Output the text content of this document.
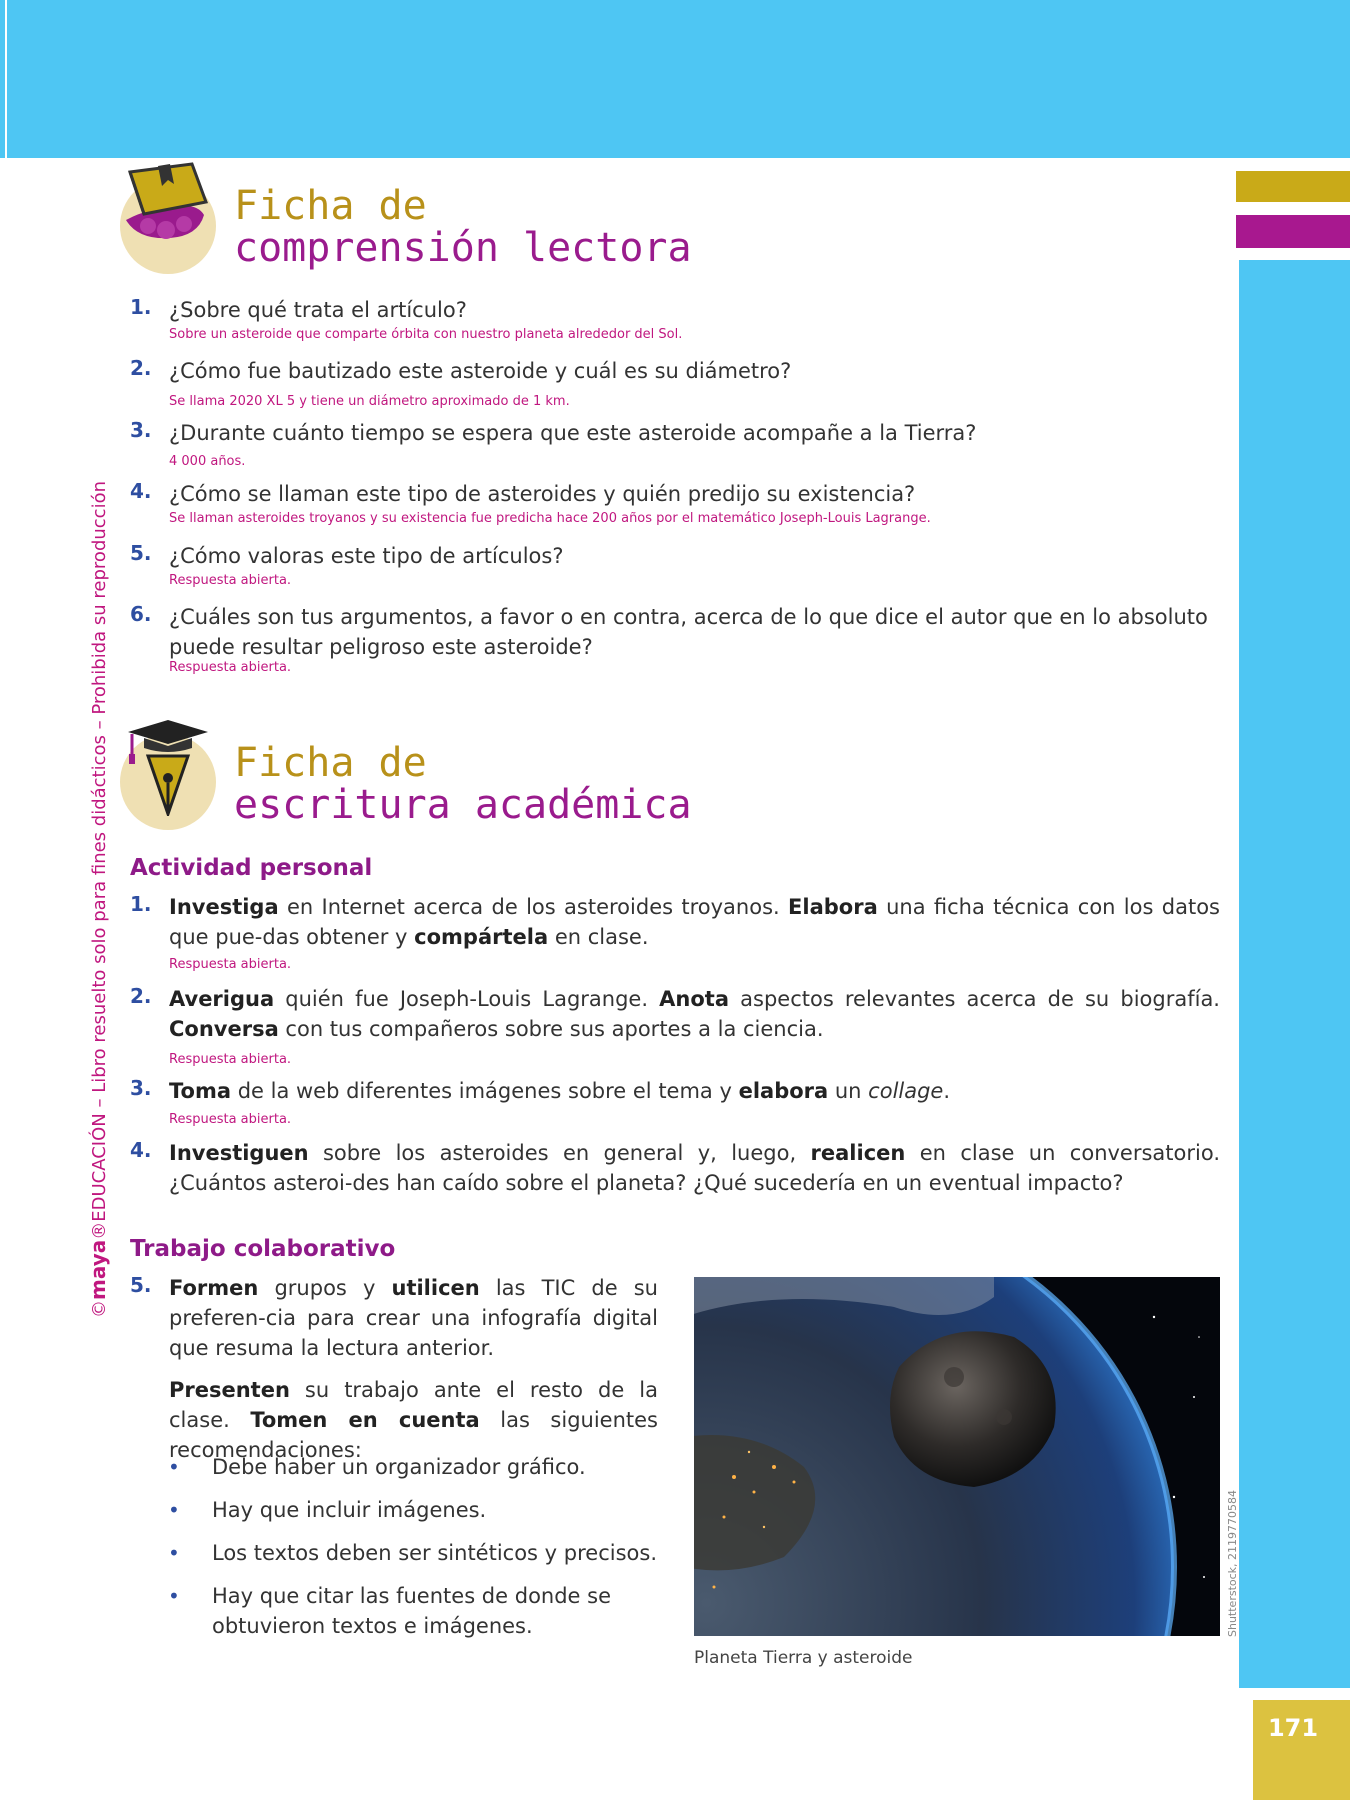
171
©maya®EDUCACIÓN – Libro resuelto solo para fines didácticos – Prohibida su reproducción
Ficha de
comprensión lectora
1. ¿Sobre qué trata el artículo?
Sobre un asteroide que comparte órbita con nuestro planeta alrededor del Sol.
2. ¿Cómo fue bautizado este asteroide y cuál es su diámetro?
Se llama 2020 XL 5 y tiene un diámetro aproximado de 1 km.
3. ¿Durante cuánto tiempo se espera que este asteroide acompañe a la Tierra?
4 000 años.
4. ¿Cómo se llaman este tipo de asteroides y quién predijo su existencia?
Se llaman asteroides troyanos y su existencia fue predicha hace 200 años por el matemático Joseph-Louis Lagrange.
5. ¿Cómo valoras este tipo de artículos?
Respuesta abierta.
6. ¿Cuáles son tus argumentos, a favor o en contra, acerca de lo que dice el autor que en lo absoluto puede resultar peligroso este asteroide?
Respuesta abierta.
Ficha de
escritura académica
Actividad personal
1. Investiga en Internet acerca de los asteroides troyanos. Elabora una ficha técnica con los datos que pue-das obtener y compártela en clase.
Respuesta abierta.
2. Averigua quién fue Joseph-Louis Lagrange. Anota aspectos relevantes acerca de su biografía. Conversa con tus compañeros sobre sus aportes a la ciencia.
Respuesta abierta.
3. Toma de la web diferentes imágenes sobre el tema y elabora un collage.
Respuesta abierta.
4. Investiguen sobre los asteroides en general y, luego, realicen en clase un conversatorio. ¿Cuántos asteroi-des han caído sobre el planeta? ¿Qué sucedería en un eventual impacto?
Trabajo colaborativo
5. Formen grupos y utilicen las TIC de su preferen-cia para crear una infografía digital que resuma la lectura anterior.
Presenten su trabajo ante el resto de la clase. Tomen en cuenta las siguientes recomendaciones:
• Debe haber un organizador gráfico.
• Hay que incluir imágenes.
• Los textos deben ser sintéticos y precisos.
• Hay que citar las fuentes de donde se obtuvieron textos e imágenes.	Shutterstock, 2119770584
Planeta Tierra y asteroide
